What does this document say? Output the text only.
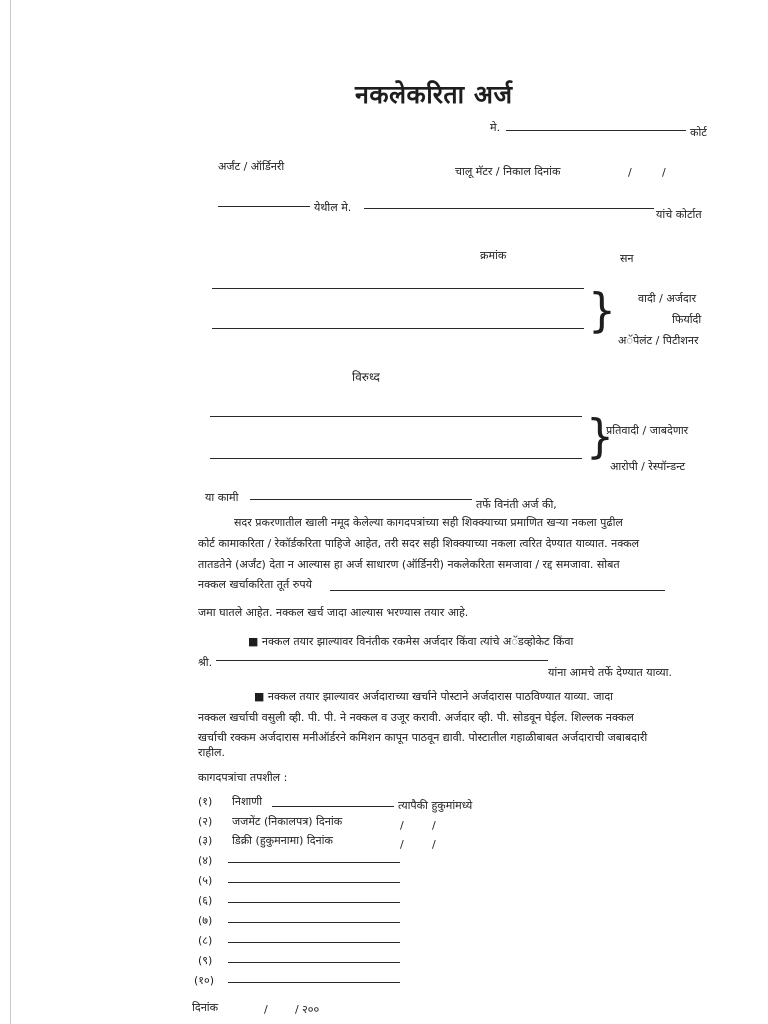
नकलेकरिता अर्ज
मे.	कोर्ट
अर्जंट / ऑर्डिनरी	चालू मॅटर / निकाल दिनांक	/	/
येथील मे.
यांचे कोर्टात
क्रमांक	सन
} वादी / अर्जदार
फिर्यादी
अॅपेलंट / पिटीशनर
विरुध्द
}
प्रतिवादी / जाबदेणार
आरोपी / रेस्पॉन्डन्ट
या कामी
तर्फे विनंती अर्ज की,
सदर प्रकरणातील खाली नमूद केलेल्या कागदपत्रांच्या सही शिक्क्याच्या प्रमाणित खऱ्या नकला पुढील
कोर्ट कामाकरिता / रेकॉर्डकरिता पाहिजे आहेत, तरी सदर सही शिक्क्याच्या नकला त्वरित देण्यात याव्यात. नक्कल
तातडतेने (अर्जंट) देता न आल्यास हा अर्ज साधारण (ऑर्डिनरी) नकलेकरिता समजावा / रद्द समजावा. सोबत
नक्कल खर्चाकरिता तूर्त रुपये
जमा घातले आहेत. नक्कल खर्च जादा आल्यास भरण्यास तयार आहे.
■ नक्कल तयार झाल्यावर विनंतीक रकमेस अर्जदार किंवा त्यांचे अॅडव्होकेट किंवा
श्री.
यांना आमचे तर्फे देण्यात याव्या.
■ नक्कल तयार झाल्यावर अर्जदाराच्या खर्चाने पोस्टाने अर्जदारास पाठविण्यात याव्या. जादा
नक्कल खर्चाची वसुली व्ही. पी. पी. ने नक्कल व उजूर करावी. अर्जदार व्ही. पी. सोडवून घेईल. शिल्लक नक्कल
खर्चाची रक्कम अर्जदारास मनीऑर्डरने कमिशन कापून पाठवून द्यावी. पोस्टातील गहाळीबाबत अर्जदाराची जबाबदारी
राहील.
कागदपत्रांचा तपशील :
(१) निशाणी	त्यापैकी हुकुमांमध्ये
(२) जजमेंट (निकालपत्र) दिनांक	/	/
(३) डिक्री (हुकुमनामा) दिनांक	/	/
(४)
(५)
(६)
(७)
(८)
(९)
(१०)
दिनांक	/ / २००
